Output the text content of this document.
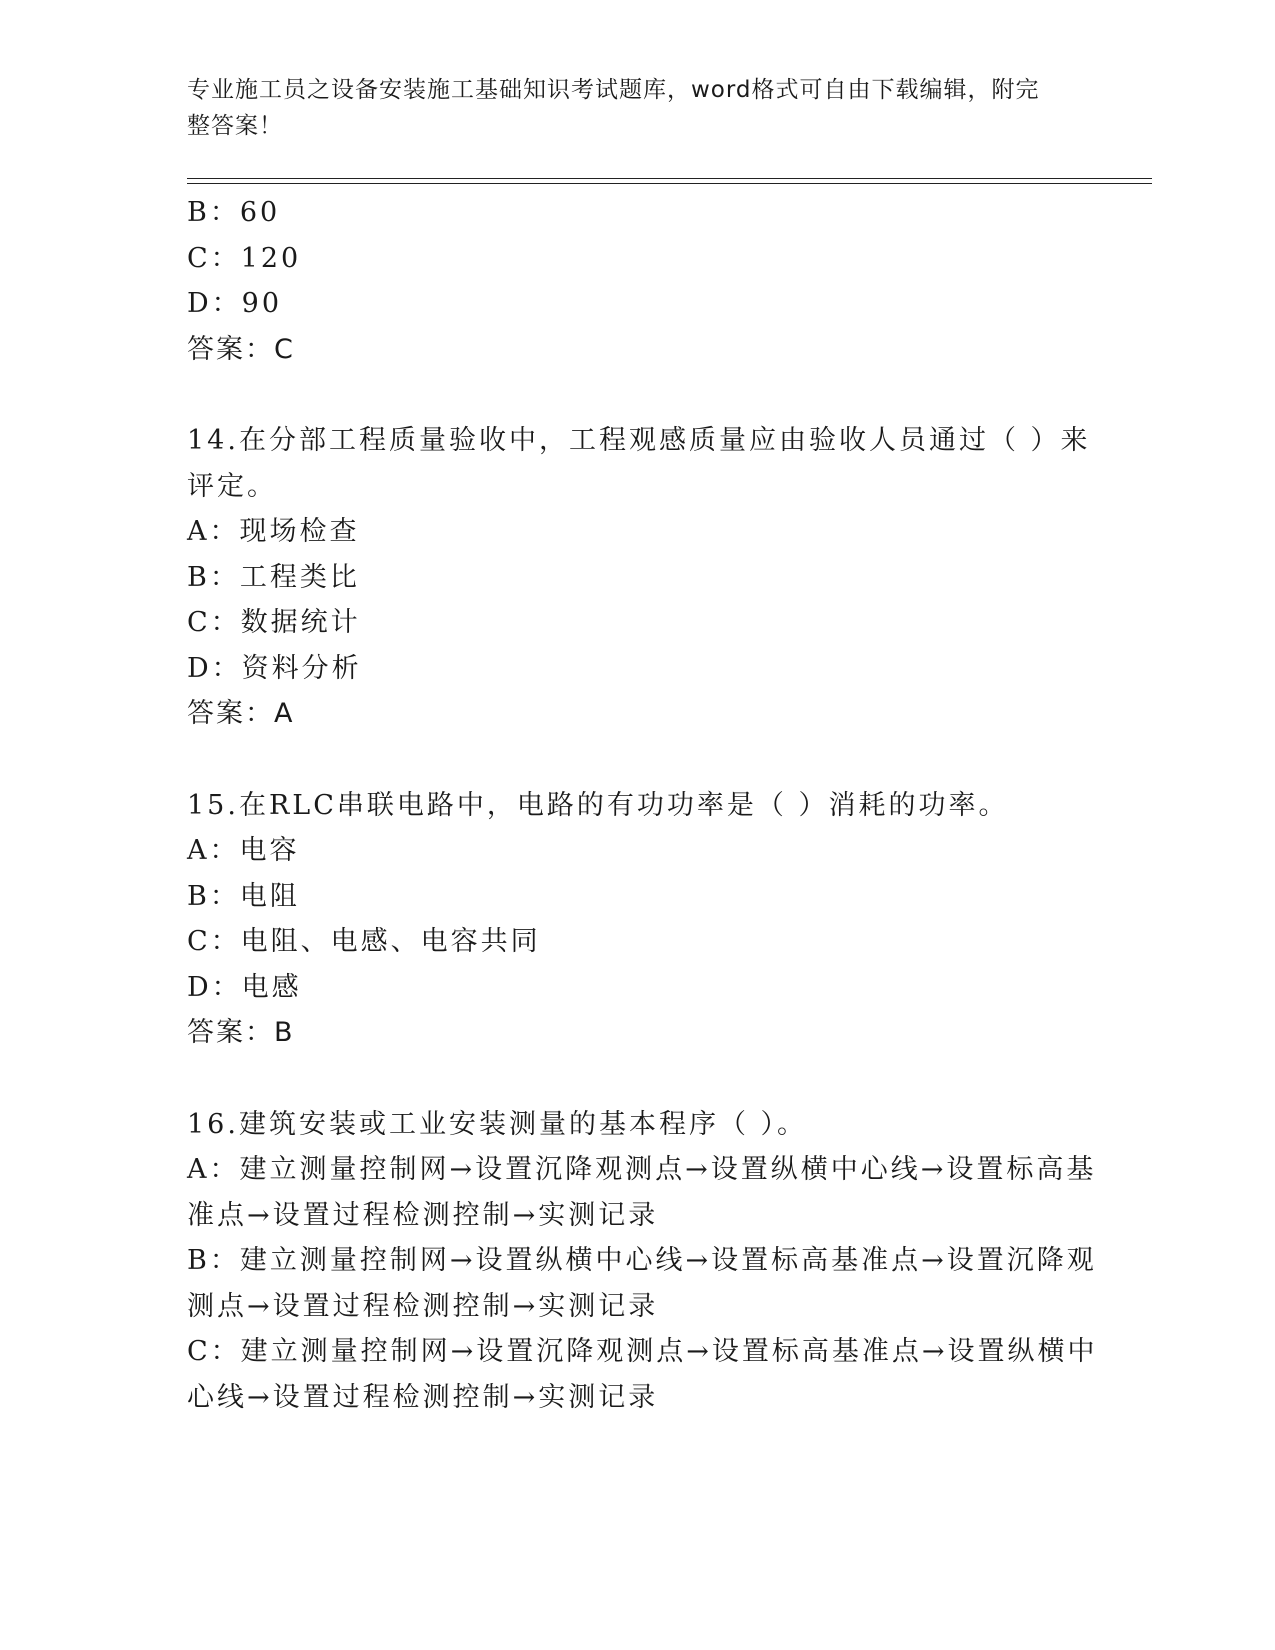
专业施工员之设备安装施工基础知识考试题库，word格式可自由下载编辑，附完
整答案！
B：60
C：120
D：90
答案：C
14.在分部工程质量验收中，工程观感质量应由验收人员通过（ ）来
评定。
A：现场检查
B：工程类比
C：数据统计
D：资料分析
答案：A
15.在RLC串联电路中，电路的有功功率是（ ）消耗的功率。
A：电容
B：电阻
C：电阻、电感、电容共同
D：电感
答案：B
16.建筑安装或工业安装测量的基本程序（ ）。
A：建立测量控制网→设置沉降观测点→设置纵横中心线→设置标高基
准点→设置过程检测控制→实测记录
B：建立测量控制网→设置纵横中心线→设置标高基准点→设置沉降观
测点→设置过程检测控制→实测记录
C：建立测量控制网→设置沉降观测点→设置标高基准点→设置纵横中
心线→设置过程检测控制→实测记录
